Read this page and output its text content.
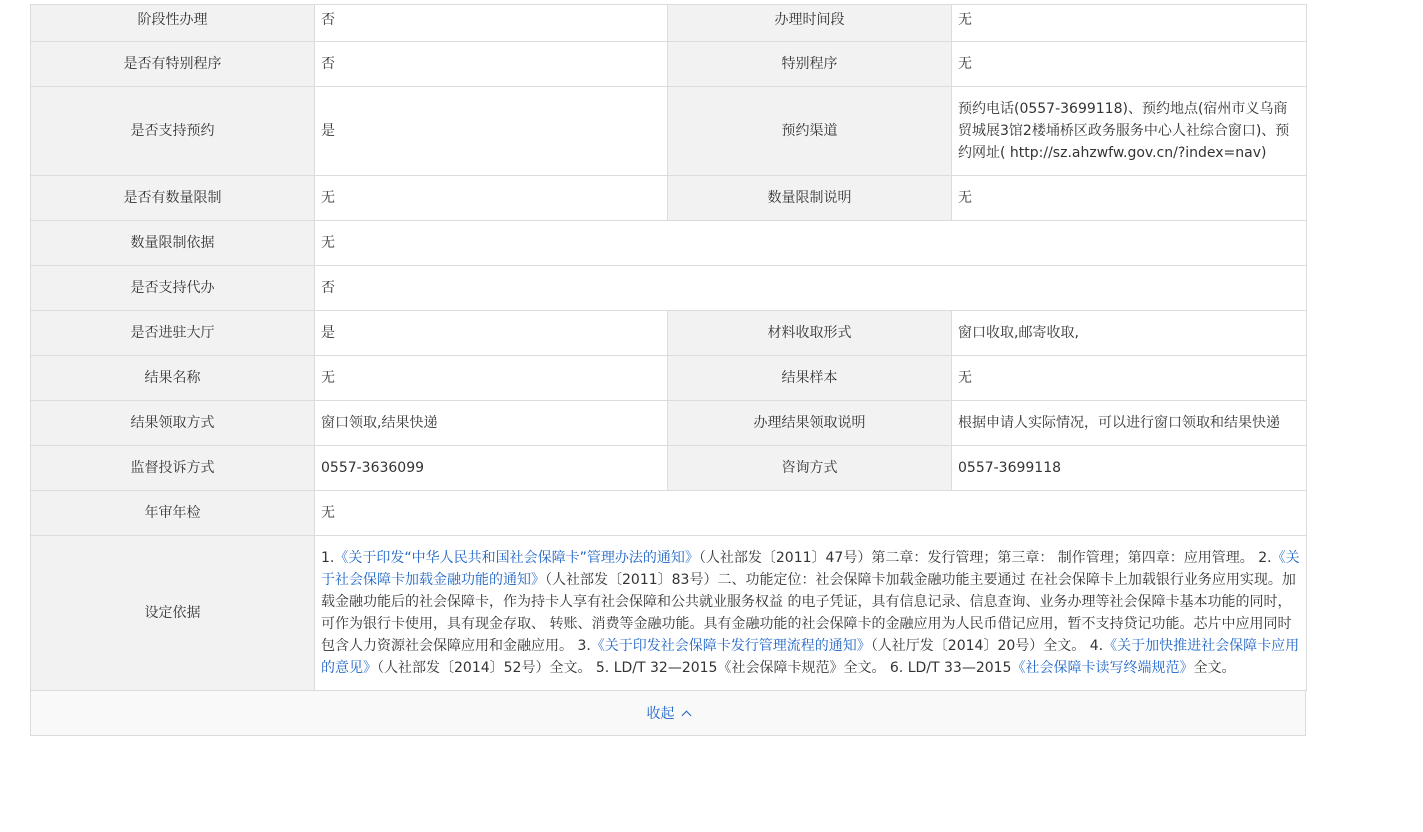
阶段性办理	否	办理时间段	无
是否有特别程序	否	特别程序	无
是否支持预约	是	预约渠道	预约电话(0557-3699118)、预约地点(宿州市义乌商贸城展3馆2楼埇桥区政务服务中心人社综合窗口)、预约网址( http://sz.ahzwfw.gov.cn/?index=nav)
是否有数量限制	无	数量限制说明	无
数量限制依据	无		
是否支持代办	否		
是否进驻大厅	是	材料收取形式	窗口收取,邮寄收取,
结果名称	无	结果样本	无
结果领取方式	窗口领取,结果快递	办理结果领取说明	根据申请人实际情况，可以进行窗口领取和结果快递
监督投诉方式	0557-3636099	咨询方式	0557-3699118
年审年检	无		
设定依据	1.《关于印发“中华人民共和国社会保障卡”管理办法的通知》（人社部发〔2011〕47号）第二章：发行管理；第三章： 制作管理；第四章：应用管理。 2.《关于社会保障卡加载金融功能的通知》（人社部发〔2011〕83号）二、功能定位：社会保障卡加载金融功能主要通过 在社会保障卡上加载银行业务应用实现。加载金融功能后的社会保障卡，作为持卡人享有社会保障和公共就业服务权益 的电子凭证，具有信息记录、信息查询、业务办理等社会保障卡基本功能的同时，可作为银行卡使用，具有现金存取、 转账、消费等金融功能。具有金融功能的社会保障卡的金融应用为人民币借记应用，暂不支持贷记功能。芯片中应用同时 包含人力资源社会保障应用和金融应用。 3.《关于印发社会保障卡发行管理流程的通知》（人社厅发〔2014〕20号）全文。 4.《关于加快推进社会保障卡应用的意见》（人社部发〔2014〕52号）全文。 5. LD/T 32—2015《社会保障卡规范》全文。 6. LD/T 33—2015《社会保障卡读写终端规范》全文。		
收起
